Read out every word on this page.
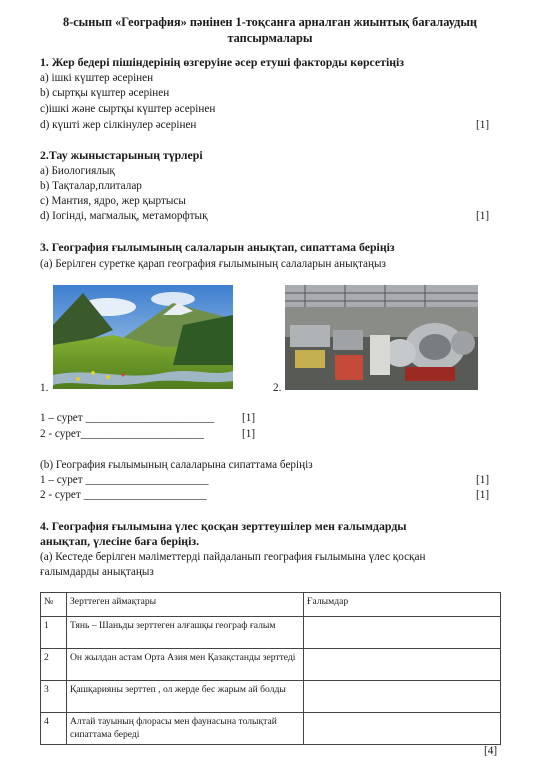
8-сынып «География» пәнінен 1-тоқсанға арналған жиынтық бағалаудың
тапсырмалары
1. Жер бедері пішіндерінің өзгеруіне әсер етуші факторды көрсетіңіз
а) ішкі күштер әсерінен
b) сыртқы күштер әсерінен
с)ішкі және сыртқы күштер әсерінен
d) күшті жер сілкінулер әсерінен	[1]
2.Тау жыныстарының түрлері
а) Биологиялық
b) Тақталар,плиталар
с) Мантия, ядро, жер қыртысы
d) Іогінді, магмалық, метаморфтық	[1]
3. География ғылымының салаларын анықтап, сипаттама беріңіз
(а) Берілген суретке қарап география ғылымының салаларын анықтаңыз
1.	2.
1 – сурет _______________________ [1]
2 - сурет______________________	[1]
(b) География ғылымының салаларына сипаттама беріңіз
1 – сурет ______________________	[1]
2 - сурет ______________________	[1]
4. География ғылымына үлес қосқан зерттеушілер мен ғалымдарды
анықтап, үлесіне баға беріңіз.
(а) Кестеде берілген мәліметтерді пайдаланып география ғылымына үлес қосқан
ғалымдарды анықтаңыз
№	Зерттеген аймақтары	Ғалымдар
1	Тянь – Шаньды зерттеген алғашқы географ ғалым	
2	Он жылдан астам Орта Азия мен Қазақстанды зерттеді	
3	Қашқарияны зерттеп , ол жерде бес жарым ай болды	
4	Алтай тауының флорасы мен фаунасына толықтай сипаттама береді	
[4]
